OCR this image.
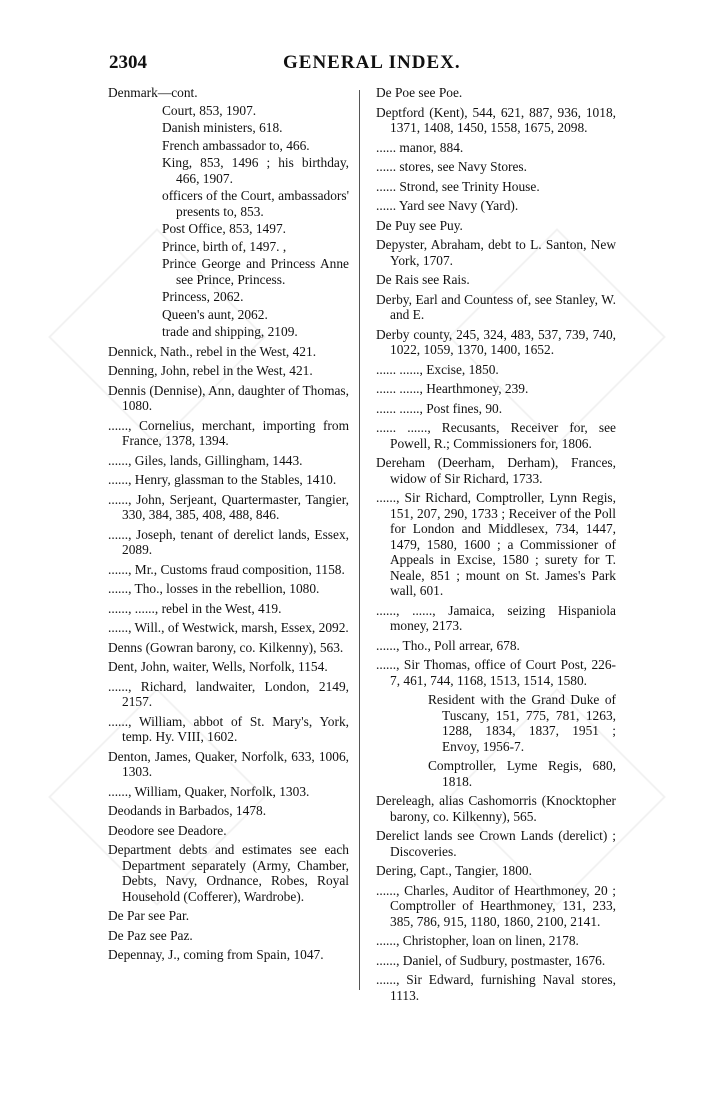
2304	GENERAL INDEX.
Denmark—cont.
Court, 853, 1907.
Danish ministers, 618.
French ambassador to, 466.
King, 853, 1496 ; his birthday, 466, 1907.
officers of the Court, ambassadors' presents to, 853.
Post Office, 853, 1497.
Prince, birth of, 1497. ,
Prince George and Princess Anne see Prince, Princess.
Princess, 2062.
Queen's aunt, 2062.
trade and shipping, 2109.
Dennick, Nath., rebel in the West, 421.
Denning, John, rebel in the West, 421.
Dennis (Dennise), Ann, daughter of Thomas, 1080.
......, Cornelius, merchant, importing from France, 1378, 1394.
......, Giles, lands, Gillingham, 1443.
......, Henry, glassman to the Stables, 1410.
......, John, Serjeant, Quartermaster, Tangier, 330, 384, 385, 408, 488, 846.
......, Joseph, tenant of derelict lands, Essex, 2089.
......, Mr., Customs fraud composition, 1158.
......, Tho., losses in the rebellion, 1080.
......, ......, rebel in the West, 419.
......, Will., of Westwick, marsh, Essex, 2092.
Denns (Gowran barony, co. Kilkenny), 563.
Dent, John, waiter, Wells, Norfolk, 1154.
......, Richard, landwaiter, London, 2149, 2157.
......, William, abbot of St. Mary's, York, temp. Hy. VIII, 1602.
Denton, James, Quaker, Norfolk, 633, 1006, 1303.
......, William, Quaker, Norfolk, 1303.
Deodands in Barbados, 1478.
Deodore see Deadore.
Department debts and estimates see each Department separately (Army, Chamber, Debts, Navy, Ordnance, Robes, Royal Household (Cofferer), Wardrobe).
De Par see Par.
De Paz see Paz.
Depennay, J., coming from Spain, 1047.
De Poe see Poe.
Deptford (Kent), 544, 621, 887, 936, 1018, 1371, 1408, 1450, 1558, 1675, 2098.
...... manor, 884.
...... stores, see Navy Stores.
...... Strond, see Trinity House.
...... Yard see Navy (Yard).
De Puy see Puy.
Depyster, Abraham, debt to L. Santon, New York, 1707.
De Rais see Rais.
Derby, Earl and Countess of, see Stanley, W. and E.
Derby county, 245, 324, 483, 537, 739, 740, 1022, 1059, 1370, 1400, 1652.
...... ......, Excise, 1850.
...... ......, Hearthmoney, 239.
...... ......, Post fines, 90.
...... ......, Recusants, Receiver for, see Powell, R.; Commissioners for, 1806.
Dereham (Deerham, Derham), Frances, widow of Sir Richard, 1733.
......, Sir Richard, Comptroller, Lynn Regis, 151, 207, 290, 1733 ; Receiver of the Poll for London and Middlesex, 734, 1447, 1479, 1580, 1600 ; a Commissioner of Appeals in Excise, 1580 ; surety for T. Neale, 851 ; mount on St. James's Park wall, 601.
......, ......, Jamaica, seizing Hispaniola money, 2173.
......, Tho., Poll arrear, 678.
......, Sir Thomas, office of Court Post, 226-7, 461, 744, 1168, 1513, 1514, 1580.
Resident with the Grand Duke of Tuscany, 151, 775, 781, 1263, 1288, 1834, 1837, 1951 ; Envoy, 1956-7.
Comptroller, Lyme Regis, 680, 1818.
Dereleagh, alias Cashomorris (Knocktopher barony, co. Kilkenny), 565.
Derelict lands see Crown Lands (derelict) ; Discoveries.
Dering, Capt., Tangier, 1800.
......, Charles, Auditor of Hearthmoney, 20 ; Comptroller of Hearthmoney, 131, 233, 385, 786, 915, 1180, 1860, 2100, 2141.
......, Christopher, loan on linen, 2178.
......, Daniel, of Sudbury, postmaster, 1676.
......, Sir Edward, furnishing Naval stores, 1113.
